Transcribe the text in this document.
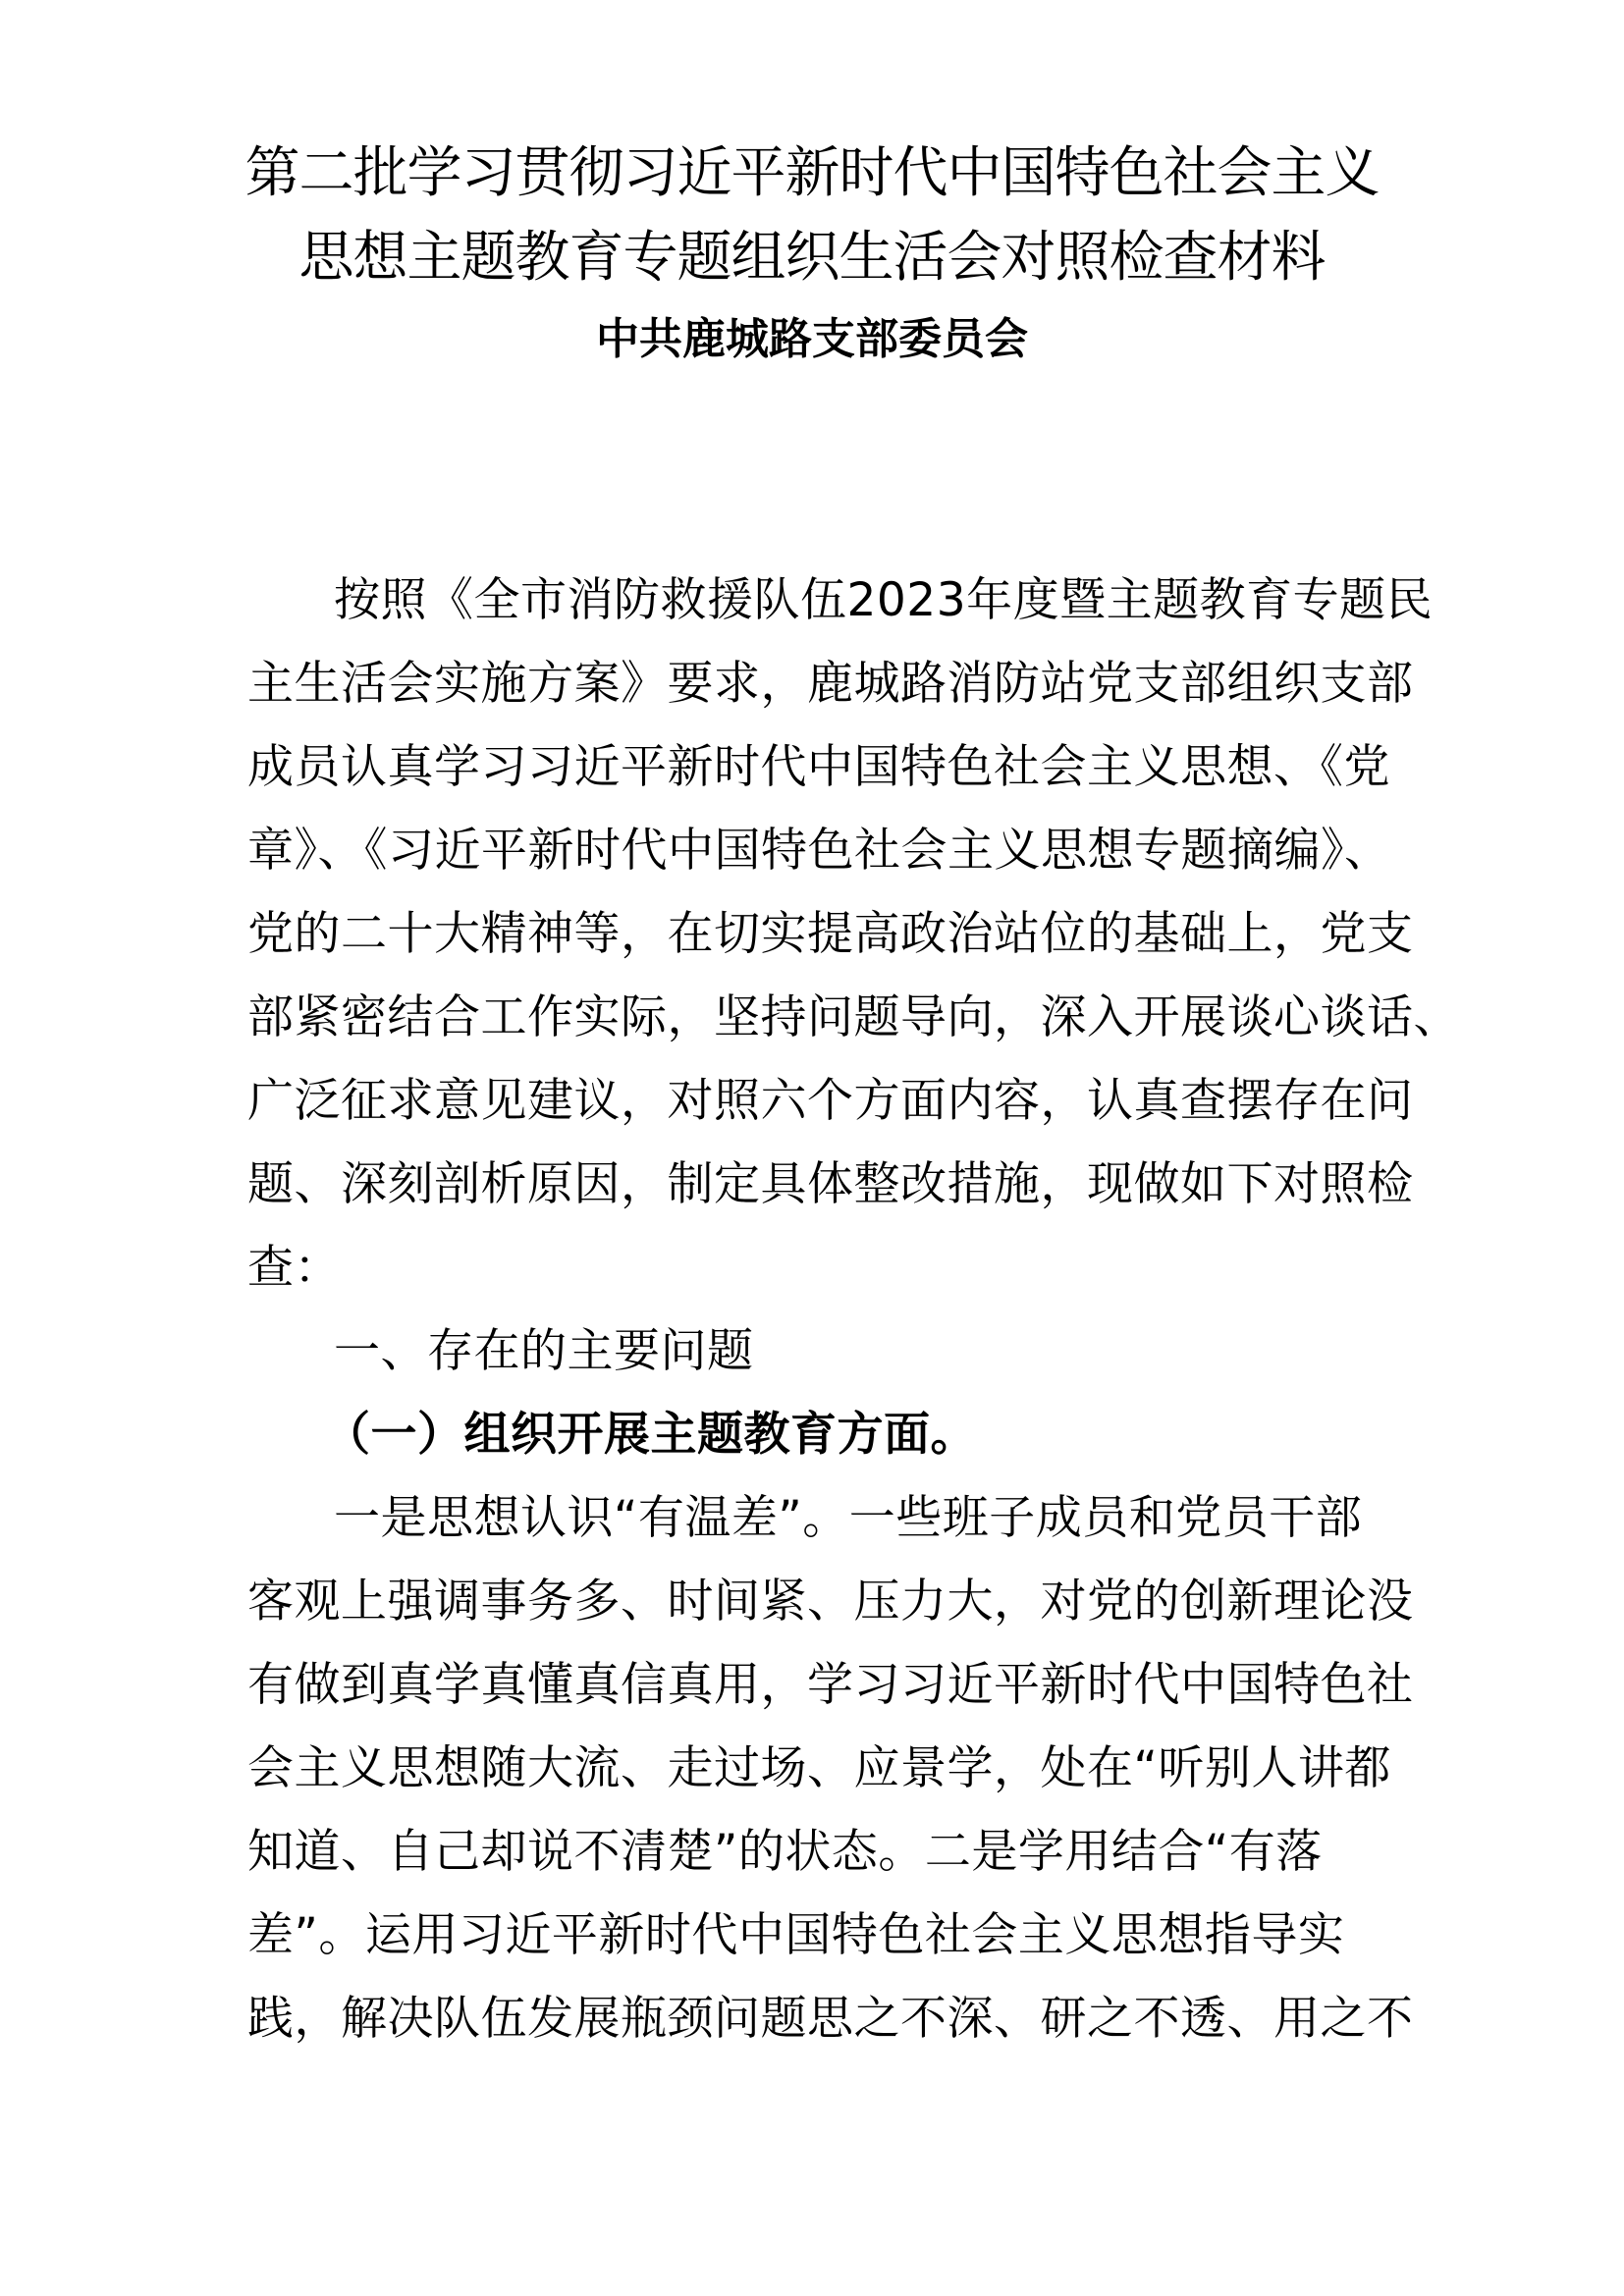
第二批学习贯彻习近平新时代中国特色社会主义
思想主题教育专题组织生活会对照检查材料
中共鹿城路支部委员会
按照《全市消防救援队伍2023年度暨主题教育专题民
主生活会实施方案》要求，鹿城路消防站党支部组织支部
成员认真学习习近平新时代中国特色社会主义思想、《党
章》、《习近平新时代中国特色社会主义思想专题摘编》、
党的二十大精神等，在切实提高政治站位的基础上，党支
部紧密结合工作实际，坚持问题导向，深入开展谈心谈话、
广泛征求意见建议，对照六个方面内容，认真查摆存在问
题、深刻剖析原因，制定具体整改措施，现做如下对照检
查：
一、存在的主要问题
（一）组织开展主题教育方面。
一是思想认识“有温差”。一些班子成员和党员干部
客观上强调事务多、时间紧、压力大，对党的创新理论没
有做到真学真懂真信真用，学习习近平新时代中国特色社
会主义思想随大流、走过场、应景学，处在“听别人讲都
知道、自己却说不清楚”的状态。二是学用结合“有落
差”。运用习近平新时代中国特色社会主义思想指导实
践，解决队伍发展瓶颈问题思之不深、研之不透、用之不
